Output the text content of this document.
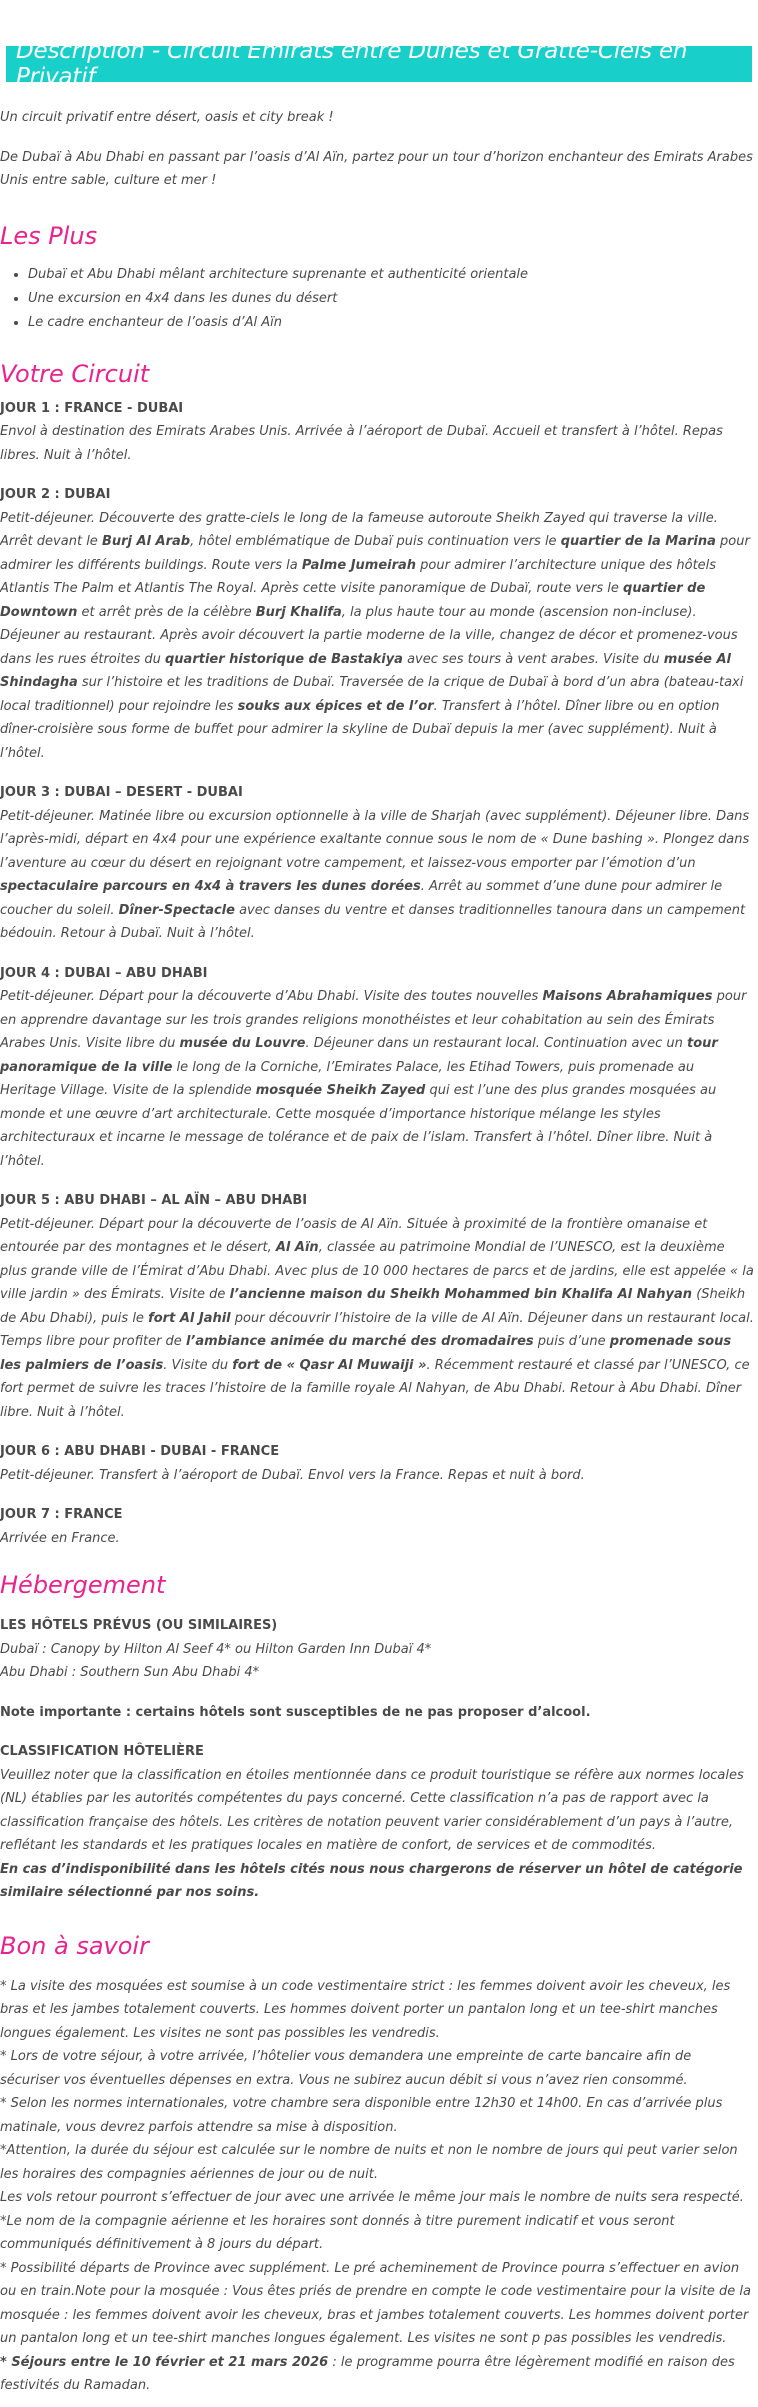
Description - Circuit Emirats entre Dunes et Gratte-Ciels en Privatif

Un circuit privatif entre désert, oasis et city break !

De Dubaï à Abu Dhabi en passant par l’oasis d’Al Aïn, partez pour un tour d’horizon enchanteur des Emirats Arabes Unis entre sable, culture et mer !

Les Plus
• Dubaï et Abu Dhabi mêlant architecture suprenante et authenticité orientale
• Une excursion en 4x4 dans les dunes du désert
• Le cadre enchanteur de l’oasis d’Al Aïn
Votre Circuit

JOUR 1 : FRANCE - DUBAI

Envol à destination des Emirats Arabes Unis. Arrivée à l’aéroport de Dubaï. Accueil et transfert à l’hôtel. Repas libres. Nuit à l’hôtel.

JOUR 2 : DUBAI

Petit-déjeuner. Découverte des gratte-ciels le long de la fameuse autoroute Sheikh Zayed qui traverse la ville. Arrêt devant le Burj Al Arab, hôtel emblématique de Dubaï puis continuation vers le quartier de la Marina pour admirer les différents buildings. Route vers la Palme Jumeirah pour admirer l’architecture unique des hôtels Atlantis The Palm et Atlantis The Royal. Après cette visite panoramique de Dubaï, route vers le quartier de Downtown et arrêt près de la célèbre Burj Khalifa, la plus haute tour au monde (ascension non-incluse). Déjeuner au restaurant. Après avoir découvert la partie moderne de la ville, changez de décor et promenez-vous dans les rues étroites du quartier historique de Bastakiya avec ses tours à vent arabes. Visite du musée Al Shindagha sur l’histoire et les traditions de Dubaï. Traversée de la crique de Dubaï à bord d’un abra (bateau-taxi local traditionnel) pour rejoindre les souks aux épices et de l’or. Transfert à l’hôtel. Dîner libre ou en option dîner-croisière sous forme de buffet pour admirer la skyline de Dubaï depuis la mer (avec supplément). Nuit à l’hôtel.

JOUR 3 : DUBAI – DESERT - DUBAI

Petit-déjeuner. Matinée libre ou excursion optionnelle à la ville de Sharjah (avec supplément). Déjeuner libre. Dans l’après-midi, départ en 4x4 pour une expérience exaltante connue sous le nom de « Dune bashing ». Plongez dans l’aventure au cœur du désert en rejoignant votre campement, et laissez-vous emporter par l’émotion d’un spectaculaire parcours en 4x4 à travers les dunes dorées. Arrêt au sommet d’une dune pour admirer le coucher du soleil. Dîner-Spectacle avec danses du ventre et danses traditionnelles tanoura dans un campement bédouin. Retour à Dubaï. Nuit à l’hôtel.

JOUR 4 : DUBAI – ABU DHABI

Petit-déjeuner. Départ pour la découverte d’Abu Dhabi. Visite des toutes nouvelles Maisons Abrahamiques pour en apprendre davantage sur les trois grandes religions monothéistes et leur cohabitation au sein des Émirats Arabes Unis. Visite libre du musée du Louvre. Déjeuner dans un restaurant local. Continuation avec un tour panoramique de la ville le long de la Corniche, l’Emirates Palace, les Etihad Towers, puis promenade au Heritage Village. Visite de la splendide mosquée Sheikh Zayed qui est l’une des plus grandes mosquées au monde et une œuvre d’art architecturale. Cette mosquée d’importance historique mélange les styles architecturaux et incarne le message de tolérance et de paix de l’islam. Transfert à l’hôtel. Dîner libre. Nuit à l’hôtel.

JOUR 5 : ABU DHABI – AL AÏN – ABU DHABI

Petit-déjeuner. Départ pour la découverte de l’oasis de Al Aïn. Située à proximité de la frontière omanaise et entourée par des montagnes et le désert, Al Aïn, classée au patrimoine Mondial de l’UNESCO, est la deuxième plus grande ville de l’Émirat d’Abu Dhabi. Avec plus de 10 000 hectares de parcs et de jardins, elle est appelée « la ville jardin » des Émirats. Visite de l’ancienne maison du Sheikh Mohammed bin Khalifa Al Nahyan (Sheikh de Abu Dhabi), puis le fort Al Jahil pour découvrir l’histoire de la ville de Al Aïn. Déjeuner dans un restaurant local. Temps libre pour profiter de l’ambiance animée du marché des dromadaires puis d’une promenade sous les palmiers de l’oasis. Visite du fort de « Qasr Al Muwaiji ». Récemment restauré et classé par l’UNESCO, ce fort permet de suivre les traces l’histoire de la famille royale Al Nahyan, de Abu Dhabi. Retour à Abu Dhabi. Dîner libre. Nuit à l’hôtel.

JOUR 6 : ABU DHABI - DUBAI - FRANCE

Petit-déjeuner. Transfert à l’aéroport de Dubaï. Envol vers la France. Repas et nuit à bord.

JOUR 7 : FRANCE

Arrivée en France.

Hébergement

LES HÔTELS PRÉVUS (OU SIMILAIRES)

Dubaï : Canopy by Hilton Al Seef 4* ou Hilton Garden Inn Dubaï 4*

Abu Dhabi : Southern Sun Abu Dhabi 4*

Note importante : certains hôtels sont susceptibles de ne pas proposer d’alcool.

CLASSIFICATION HÔTELIÈRE

Veuillez noter que la classification en étoiles mentionnée dans ce produit touristique se réfère aux normes locales (NL) établies par les autorités compétentes du pays concerné. Cette classification n’a pas de rapport avec la classification française des hôtels. Les critères de notation peuvent varier considérablement d’un pays à l’autre, reflétant les standards et les pratiques locales en matière de confort, de services et de commodités.

En cas d’indisponibilité dans les hôtels cités nous nous chargerons de réserver un hôtel de catégorie similaire sélectionné par nos soins.

Bon à savoir

* La visite des mosquées est soumise à un code vestimentaire strict : les femmes doivent avoir les cheveux, les bras et les jambes totalement couverts. Les hommes doivent porter un pantalon long et un tee-shirt manches longues également. Les visites ne sont pas possibles les vendredis.

* Lors de votre séjour, à votre arrivée, l’hôtelier vous demandera une empreinte de carte bancaire afin de sécuriser vos éventuelles dépenses en extra. Vous ne subirez aucun débit si vous n’avez rien consommé.

* Selon les normes internationales, votre chambre sera disponible entre 12h30 et 14h00. En cas d’arrivée plus matinale, vous devrez parfois attendre sa mise à disposition.

*Attention, la durée du séjour est calculée sur le nombre de nuits et non le nombre de jours qui peut varier selon les horaires des compagnies aériennes de jour ou de nuit.

Les vols retour pourront s’effectuer de jour avec une arrivée le même jour mais le nombre de nuits sera respecté.

*Le nom de la compagnie aérienne et les horaires sont donnés à titre purement indicatif et vous seront communiqués définitivement à 8 jours du départ.

* Possibilité départs de Province avec supplément. Le pré acheminement de Province pourra s’effectuer en avion ou en train.Note pour la mosquée : Vous êtes priés de prendre en compte le code vestimentaire pour la visite de la mosquée : les femmes doivent avoir les cheveux, bras et jambes totalement couverts. Les hommes doivent porter un pantalon long et un tee-shirt manches longues également. Les visites ne sont p pas possibles les vendredis.

* Séjours entre le 10 février et 21 mars 2026 : le programme pourra être légèrement modifié en raison des festivités du Ramadan.
